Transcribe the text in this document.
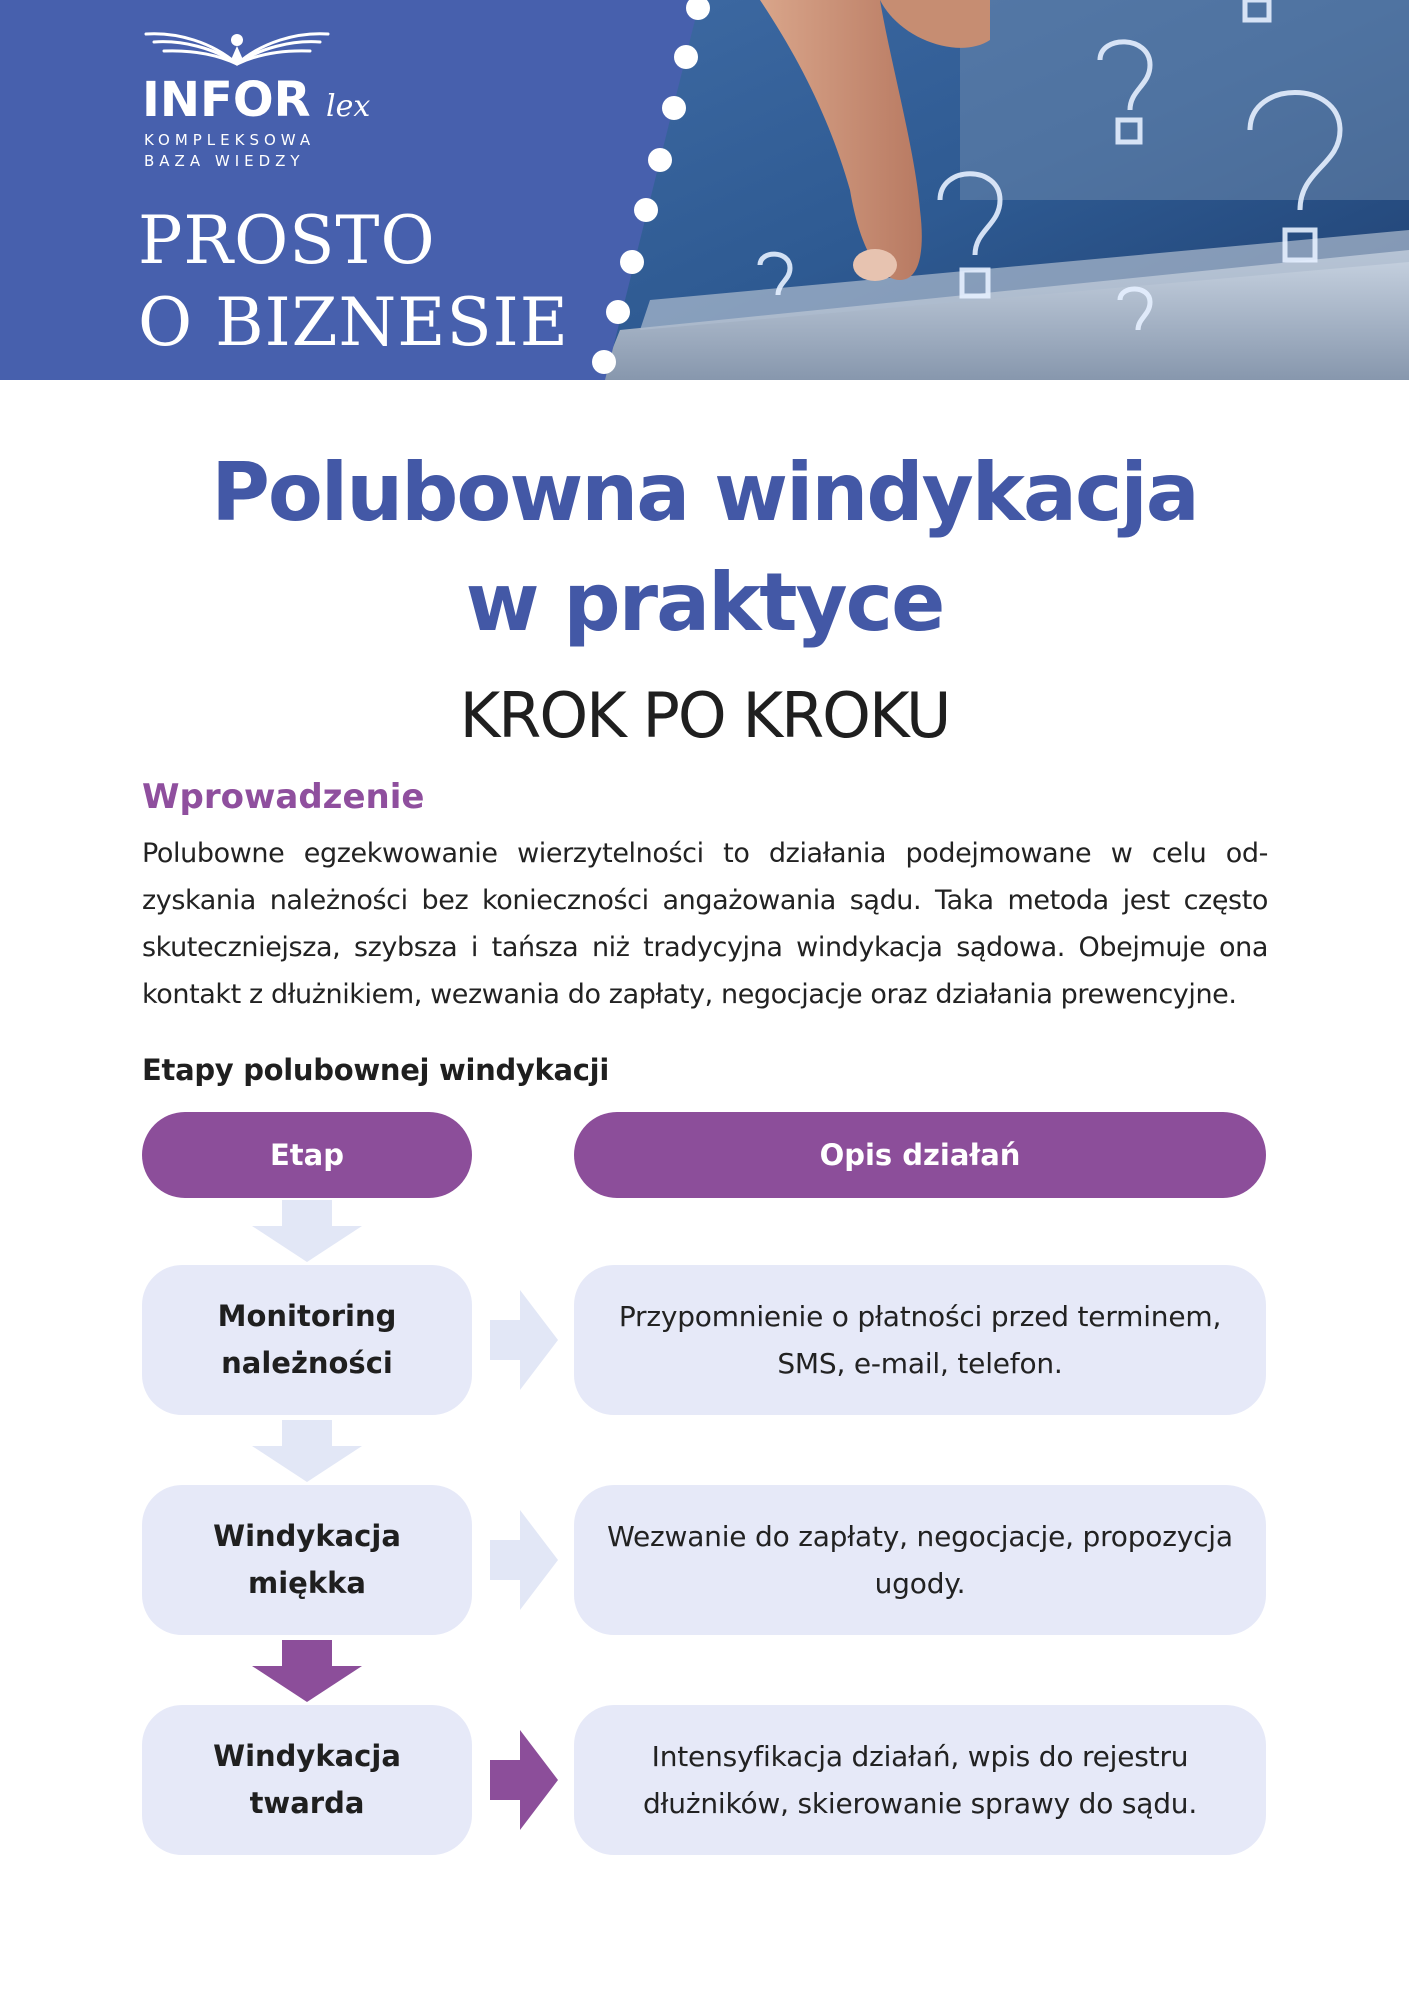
INFOR lex
KOMPLEKSOWA
BAZA WIEDZY
PROSTO
O BIZNESIE
Polubowna windykacja
w praktyce
KROK PO KROKU
Wprowadzenie

Polubowne egzekwowanie wierzytelności to działania podejmowane w celu od-zyskania należności bez konieczności angażowania sądu. Taka metoda jest często skuteczniejsza, szybsza i tańsza niż tradycyjna windykacja sądowa. Obejmuje ona kontakt z dłużnikiem, wezwania do zapłaty, negocjacje oraz działania prewencyjne.

Etapy polubownej windykacji
Etap	Opis działań
Monitoring
należności
Przypomnienie o płatności przed terminem,
SMS, e-mail, telefon.
Windykacja
miękka
Wezwanie do zapłaty, negocjacje, propozycja
ugody.
Windykacja
twarda
Intensyfikacja działań, wpis do rejestru
dłużników, skierowanie sprawy do sądu.
